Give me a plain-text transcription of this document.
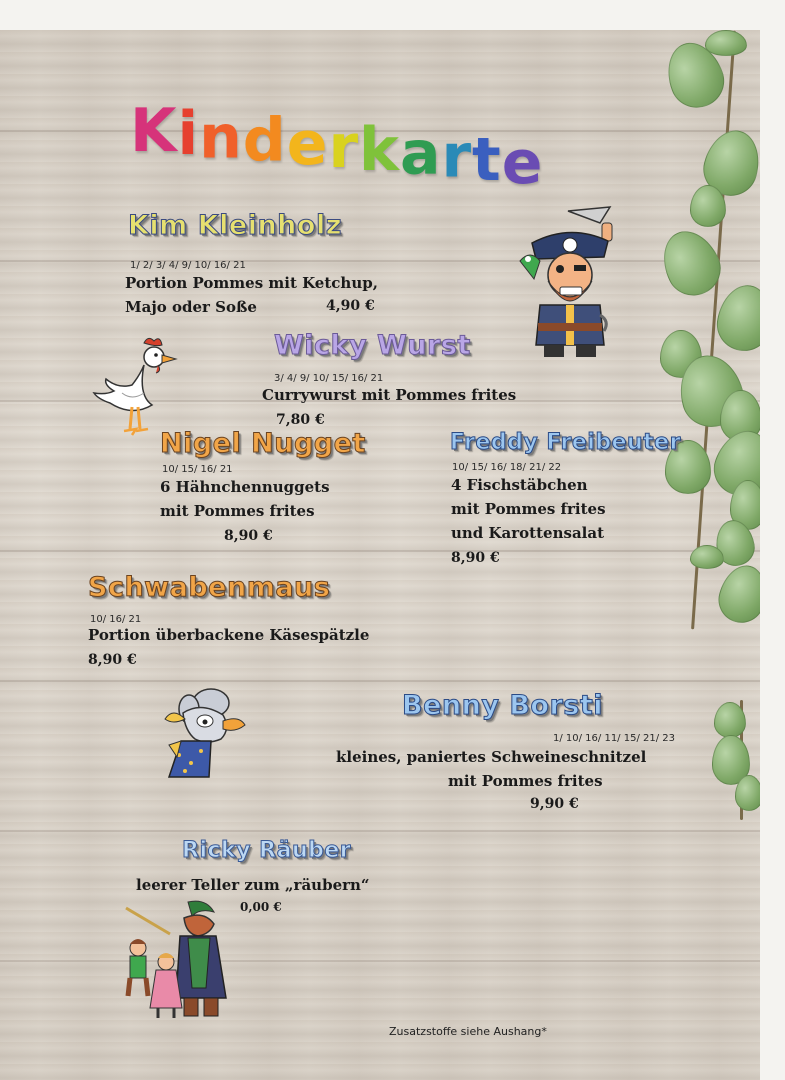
Kinderkarte
Kim Kleinholz
1/ 2/ 3/ 4/ 9/ 10/ 16/ 21
Portion Pommes mit Ketchup,
Majo oder Soße	4,90 €
Wicky Wurst
3/ 4/ 9/ 10/ 15/ 16/ 21
Currywurst mit Pommes frites
7,80 €
Nigel Nugget
10/ 15/ 16/ 21
6 Hähnchennuggets
mit Pommes frites
8,90 €
Freddy Freibeuter
10/ 15/ 16/ 18/ 21/ 22
4 Fischstäbchen
mit Pommes frites
und Karottensalat
8,90 €
Schwabenmaus
10/ 16/ 21
Portion überbackene Käsespätzle
8,90 €
Benny Borsti
1/ 10/ 16/ 11/ 15/ 21/ 23
kleines, paniertes Schweineschnitzel
mit Pommes frites
9,90 €
Ricky Räuber
leerer Teller zum „räubern“
0,00 €
Zusatzstoffe siehe Aushang*
